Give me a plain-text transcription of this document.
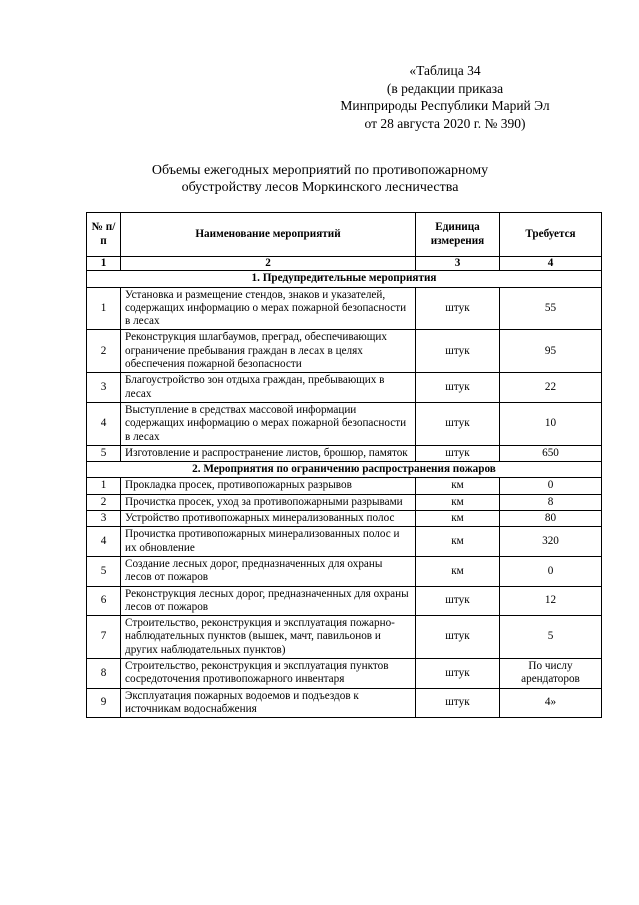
«Таблица 34
(в редакции приказа
Минприроды Республики Марий Эл
от 28 августа 2020 г. № 390)
Объемы ежегодных мероприятий по противопожарному
обустройству лесов Моркинского лесничества
№ п/п	Наименование мероприятий	Единица измерения	Требуется
1	2	3	4
1. Предупредительные мероприятия			
1	Установка и размещение стендов, знаков и указателей, содержащих информацию о мерах пожарной безопасности в лесах	штук	55
2	Реконструкция шлагбаумов, преград, обеспечивающих ограничение пребывания граждан в лесах в целях обеспечения пожарной безопасности	штук	95
3	Благоустройство зон отдыха граждан, пребывающих в лесах	штук	22
4	Выступление в средствах массовой информации содержащих информацию о мерах пожарной безопасности в лесах	штук	10
5	Изготовление и распространение листов, брошюр, памяток	штук	650
2. Мероприятия по ограничению распространения пожаров			
1	Прокладка просек, противопожарных разрывов	км	0
2	Прочистка просек, уход за противопожарными разрывами	км	8
3	Устройство противопожарных минерализованных полос	км	80
4	Прочистка противопожарных минерализованных полос и их обновление	км	320
5	Создание лесных дорог, предназначенных для охраны лесов от пожаров	км	0
6	Реконструкция лесных дорог, предназначенных для охраны лесов от пожаров	штук	12
7	Строительство, реконструкция и эксплуатация пожарно-наблюдательных пунктов (вышек, мачт, павильонов и других наблюдательных пунктов)	штук	5
8	Строительство, реконструкция и эксплуатация пунктов сосредоточения противопожарного инвентаря	штук	По числу арендаторов
9	Эксплуатация пожарных водоемов и подъездов к источникам водоснабжения	штук	4»
